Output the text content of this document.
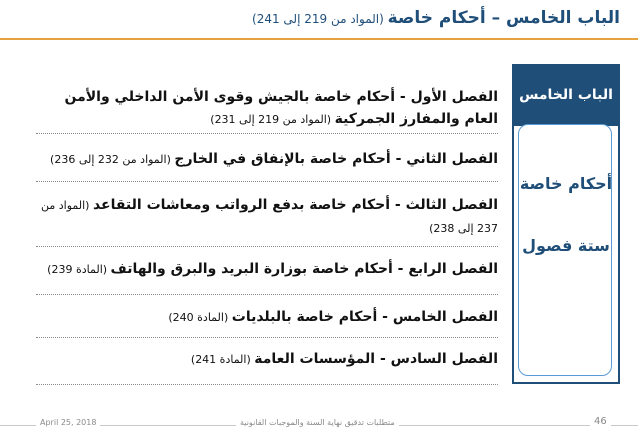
الباب الخامس – أحكام خاصة (المواد من 219 إلى 241)
الباب الخامس
أحكام خاصة
ستة فصول
الفصل الأول - أحكام خاصة بالجيش وقوى الأمن الداخلي والأمن العام والمفارز الجمركية (المواد من 219 إلى 231)
الفصل الثاني - أحكام خاصة بالإنفاق في الخارج (المواد من 232 إلى 236)
الفصل الثالث - أحكام خاصة بدفع الرواتب ومعاشات التقاعد (المواد من 237 إلى 238)
الفصل الرابع - أحكام خاصة بوزارة البريد والبرق والهاتف (المادة 239)
الفصل الخامس - أحكام خاصة بالبلديات (المادة 240)
الفصل السادس - المؤسسات العامة (المادة 241)
April 25, 2018	متطلبات تدقيق نهاية السنة والموجبات القانونية	46
